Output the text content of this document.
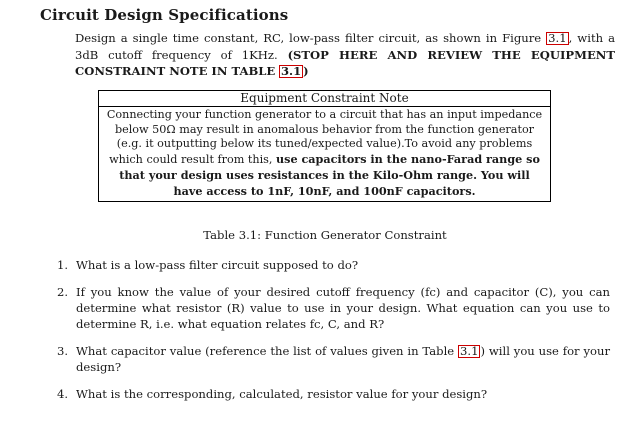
Circuit Design Specifications
Design a single time constant, RC, low-pass filter circuit, as shown in Figure 3.1 , with a 3dB cutoff frequency of 1KHz. (STOP HERE AND REVIEW THE EQUIPMENT CONSTRAINT NOTE IN TABLE 3.1 )
Equipment Constraint Note
Connecting your function generator to a circuit that has an input impedance below 50Ω may result in anomalous behavior from the function generator (e.g. it outputting below its tuned/expected value).To avoid any problems which could result from this, use capacitors in the nano-Farad range so that your design uses resistances in the Kilo-Ohm range. You will have access to 1nF, 10nF, and 100nF capacitors.
Table 3.1: Function Generator Constraint
1. What is a low-pass filter circuit supposed to do?
2. If you know the value of your desired cutoff frequency (fc) and capacitor (C), you can determine what resistor (R) value to use in your design. What equation can you use to determine R, i.e. what equation relates fc, C, and R?
3. What capacitor value (reference the list of values given in Table 3.1 ) will you use for your design?
4. What is the corresponding, calculated, resistor value for your design?
